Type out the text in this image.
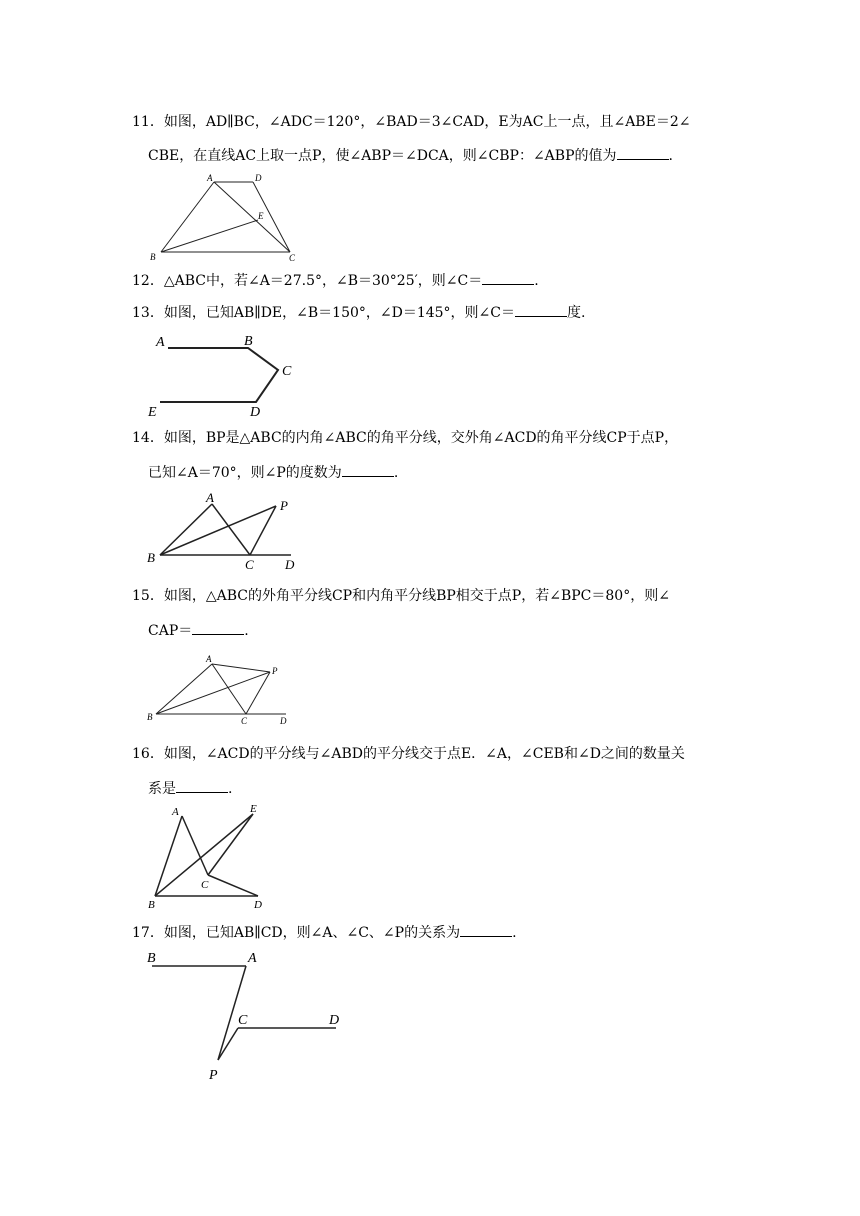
11．如图，AD∥BC，∠ADC＝120°，∠BAD＝3∠CAD，E为AC上一点，且∠ABE＝2∠
CBE，在直线AC上取一点P，使∠ABP＝∠DCA，则∠CBP：∠ABP的值为	.
A	D
E
B	C
12．△ABC中，若∠A＝27.5°，∠B＝30°25′，则∠C＝	.
13．如图，已知AB∥DE，∠B＝150°，∠D＝145°，则∠C＝	度.
A	B
C
D
E
14．如图，BP是△ABC的内角∠ABC的角平分线，交外角∠ACD的角平分线CP于点P，
已知∠A＝70°，则∠P的度数为	.
A
P
B	C D
15．如图，△ABC的外角平分线CP和内角平分线BP相交于点P，若∠BPC＝80°，则∠
CAP＝	.
A
P
B	C	D
16．如图，∠ACD的平分线与∠ABD的平分线交于点E．∠A，∠CEB和∠D之间的数量关
系是	.
A	E
C
B	D
17．如图，已知AB∥CD，则∠A、∠C、∠P的关系为	.
B	A
C	D
P
